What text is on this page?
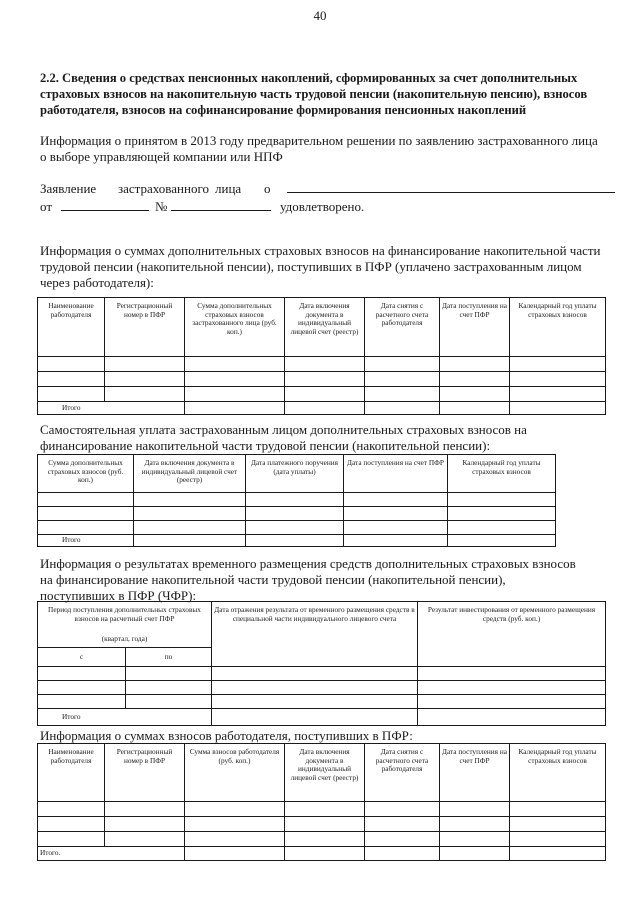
40
2.2. Сведения о средствах пенсионных накоплений, сформированных за счет дополнительных
страховых взносов на накопительную часть трудовой пенсии (накопительную пенсию), взносов
работодателя, взносов на софинансирование формирования пенсионных накоплений
Информация о принятом в 2013 году предварительном решении по заявлению застрахованного лица
о выборе управляющей компании или НПФ
Заявление застрахованного лица о
от	№	удовлетворено.
Информация о суммах дополнительных страховых взносов на финансирование накопительной части
трудовой пенсии (накопительной пенсии), поступивших в ПФР (уплачено застрахованным лицом
через работодателя):
Наименование работодателя	Регистрационный номер в ПФР	Сумма дополнительных страховых взносов застрахованного лица (руб. коп.)	Дата включения документа в индивидуальный лицевой счет (реестр)	Дата снятия с расчетного счета работодателя	Дата поступления на счет ПФР	Календарный год уплаты страховых взносов

Итого						
Самостоятельная уплата застрахованным лицом дополнительных страховых взносов на
финансирование накопительной части трудовой пенсии (накопительной пенсии):
Сумма дополнительных страховых взносов (руб. коп.)	Дата включения документа в индивидуальный лицевой счет (реестр)	Дата платежного поручения (дата уплаты)	Дата поступления на счет ПФР	Календарный год уплаты страховых взносов

Итого				
Информация о результатах временного размещения средств дополнительных страховых взносов
на финансирование накопительной части трудовой пенсии (накопительной пенсии),
поступивших в ПФР (ЧФР):
Период поступления дополнительных страховых взносов на расчетный счет ПФР
(квартал, года)		Дата отражения результата от временного размещения средств в специальной части индивидуального лицевого счета	Результат инвестирования от временного размещения средств (руб. коп.)
с	по		

Итого			
Информация о суммах взносов работодателя, поступивших в ПФР:
Наименование работодателя	Регистрационный номер в ПФР	Сумма взносов работодателя (руб. коп.)	Дата включения документа в индивидуальный лицевой счет (реестр)	Дата снятия с расчетного счета работодателя	Дата поступления на счет ПФР	Календарный год уплаты страховых взносов

Итого.						
